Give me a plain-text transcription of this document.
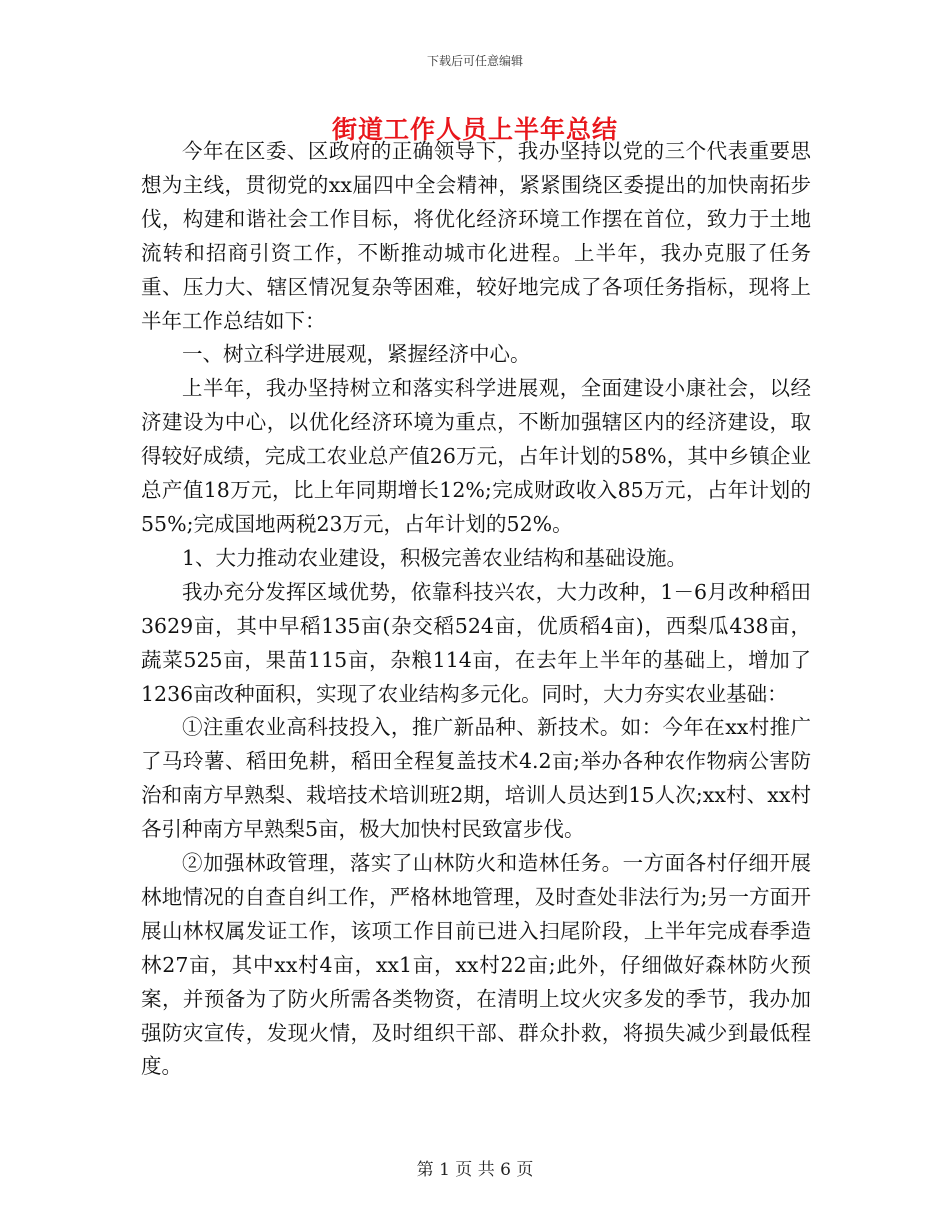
下载后可任意编辑
街道工作人员上半年总结

今年在区委、区政府的正确领导下，我办坚持以党的三个代表重要思想为主线，贯彻党的xx届四中全会精神，紧紧围绕区委提出的加快南拓步伐，构建和谐社会工作目标，将优化经济环境工作摆在首位，致力于土地流转和招商引资工作，不断推动城市化进程。上半年，我办克服了任务重、压力大、辖区情况复杂等困难，较好地完成了各项任务指标，现将上半年工作总结如下：

一、树立科学进展观，紧握经济中心。

上半年，我办坚持树立和落实科学进展观，全面建设小康社会，以经济建设为中心，以优化经济环境为重点，不断加强辖区内的经济建设，取得较好成绩，完成工农业总产值26万元，占年计划的58%，其中乡镇企业总产值18万元，比上年同期增长12%;完成财政收入85万元，占年计划的55%;完成国地两税23万元，占年计划的52%。

1、大力推动农业建设，积极完善农业结构和基础设施。

我办充分发挥区域优势，依靠科技兴农，大力改种，1－6月改种稻田3629亩，其中早稻135亩(杂交稻524亩，优质稻4亩)，西梨瓜438亩，蔬菜525亩，果苗115亩，杂粮114亩，在去年上半年的基础上，增加了1236亩改种面积，实现了农业结构多元化。同时，大力夯实农业基础：

①注重农业高科技投入，推广新品种、新技术。如：今年在xx村推广了马玲薯、稻田免耕，稻田全程复盖技术4.2亩;举办各种农作物病公害防治和南方早熟梨、栽培技术培训班2期，培训人员达到15人次;xx村、xx村各引种南方早熟梨5亩，极大加快村民致富步伐。

②加强林政管理，落实了山林防火和造林任务。一方面各村仔细开展林地情况的自查自纠工作，严格林地管理，及时查处非法行为;另一方面开展山林权属发证工作，该项工作目前已进入扫尾阶段，上半年完成春季造林27亩，其中xx村4亩，xx1亩，xx村22亩;此外，仔细做好森林防火预案，并预备为了防火所需各类物资，在清明上坟火灾多发的季节，我办加强防灾宣传，发现火情，及时组织干部、群众扑救，将损失减少到最低程度。

第 1 页 共 6 页
